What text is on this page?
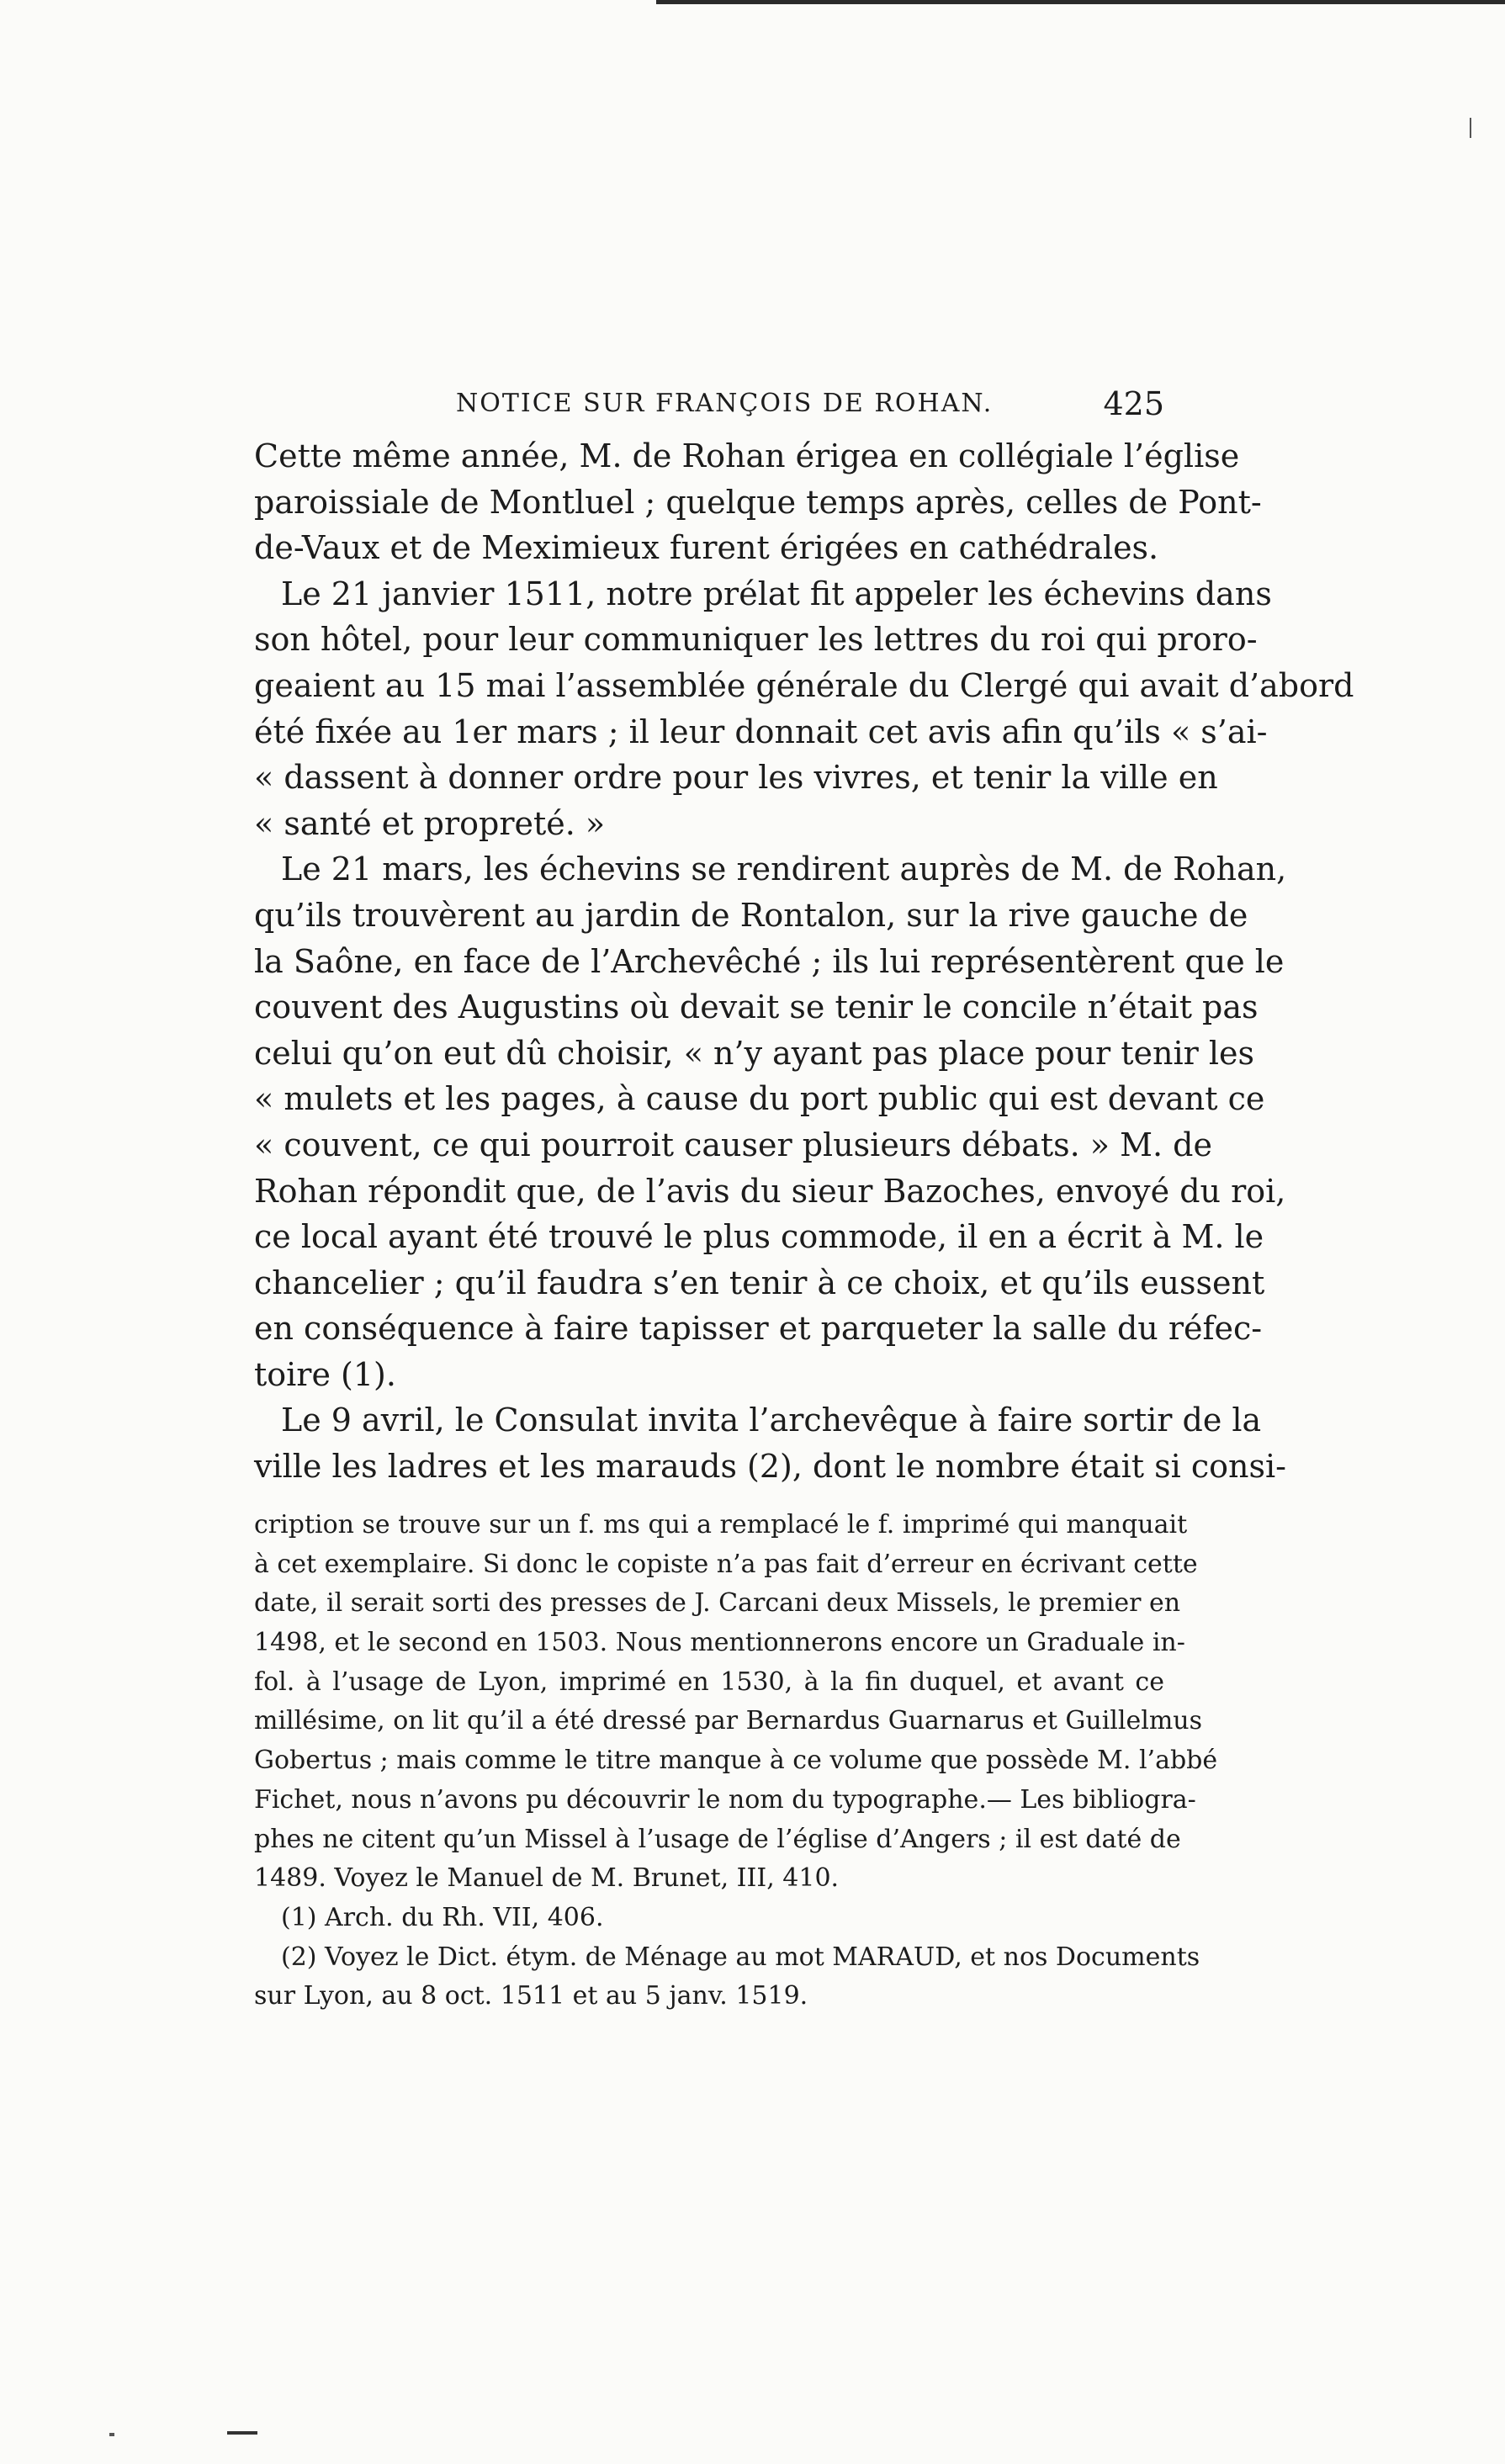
NOTICE SUR FRANÇOIS DE ROHAN.	425
Cette même année, M. de Rohan érigea en collégiale l’église
paroissiale de Montluel ; quelque temps après, celles de Pont-
de-Vaux et de Meximieux furent érigées en cathédrales.
Le 21 janvier 1511, notre prélat fit appeler les échevins dans
son hôtel, pour leur communiquer les lettres du roi qui proro-
geaient au 15 mai l’assemblée générale du Clergé qui avait d’abord
été fixée au 1er mars ; il leur donnait cet avis afin qu’ils « s’ai-
« dassent à donner ordre pour les vivres, et tenir la ville en
« santé et propreté. »
Le 21 mars, les échevins se rendirent auprès de M. de Rohan,
qu’ils trouvèrent au jardin de Rontalon, sur la rive gauche de
la Saône, en face de l’Archevêché ; ils lui représentèrent que le
couvent des Augustins où devait se tenir le concile n’était pas
celui qu’on eut dû choisir, « n’y ayant pas place pour tenir les
« mulets et les pages, à cause du port public qui est devant ce
« couvent, ce qui pourroit causer plusieurs débats. » M. de
Rohan répondit que, de l’avis du sieur Bazoches, envoyé du roi,
ce local ayant été trouvé le plus commode, il en a écrit à M. le
chancelier ; qu’il faudra s’en tenir à ce choix, et qu’ils eussent
en conséquence à faire tapisser et parqueter la salle du réfec-
toire (1).
Le 9 avril, le Consulat invita l’archevêque à faire sortir de la
ville les ladres et les marauds (2), dont le nombre était si consi-
cription se trouve sur un f. ms qui a remplacé le f. imprimé qui manquait
à cet exemplaire. Si donc le copiste n’a pas fait d’erreur en écrivant cette
date, il serait sorti des presses de J. Carcani deux Missels, le premier en
1498, et le second en 1503. Nous mentionnerons encore un Graduale in-
fol. à l’usage de Lyon, imprimé en 1530, à la fin duquel, et avant ce
millésime, on lit qu’il a été dressé par Bernardus Guarnarus et Guillelmus
Gobertus ; mais comme le titre manque à ce volume que possède M. l’abbé
Fichet, nous n’avons pu découvrir le nom du typographe.— Les bibliogra-
phes ne citent qu’un Missel à l’usage de l’église d’Angers ; il est daté de
1489. Voyez le Manuel de M. Brunet, III, 410.
(1) Arch. du Rh. VII, 406.
(2) Voyez le Dict. étym. de Ménage au mot MARAUD, et nos Documents
sur Lyon, au 8 oct. 1511 et au 5 janv. 1519.
